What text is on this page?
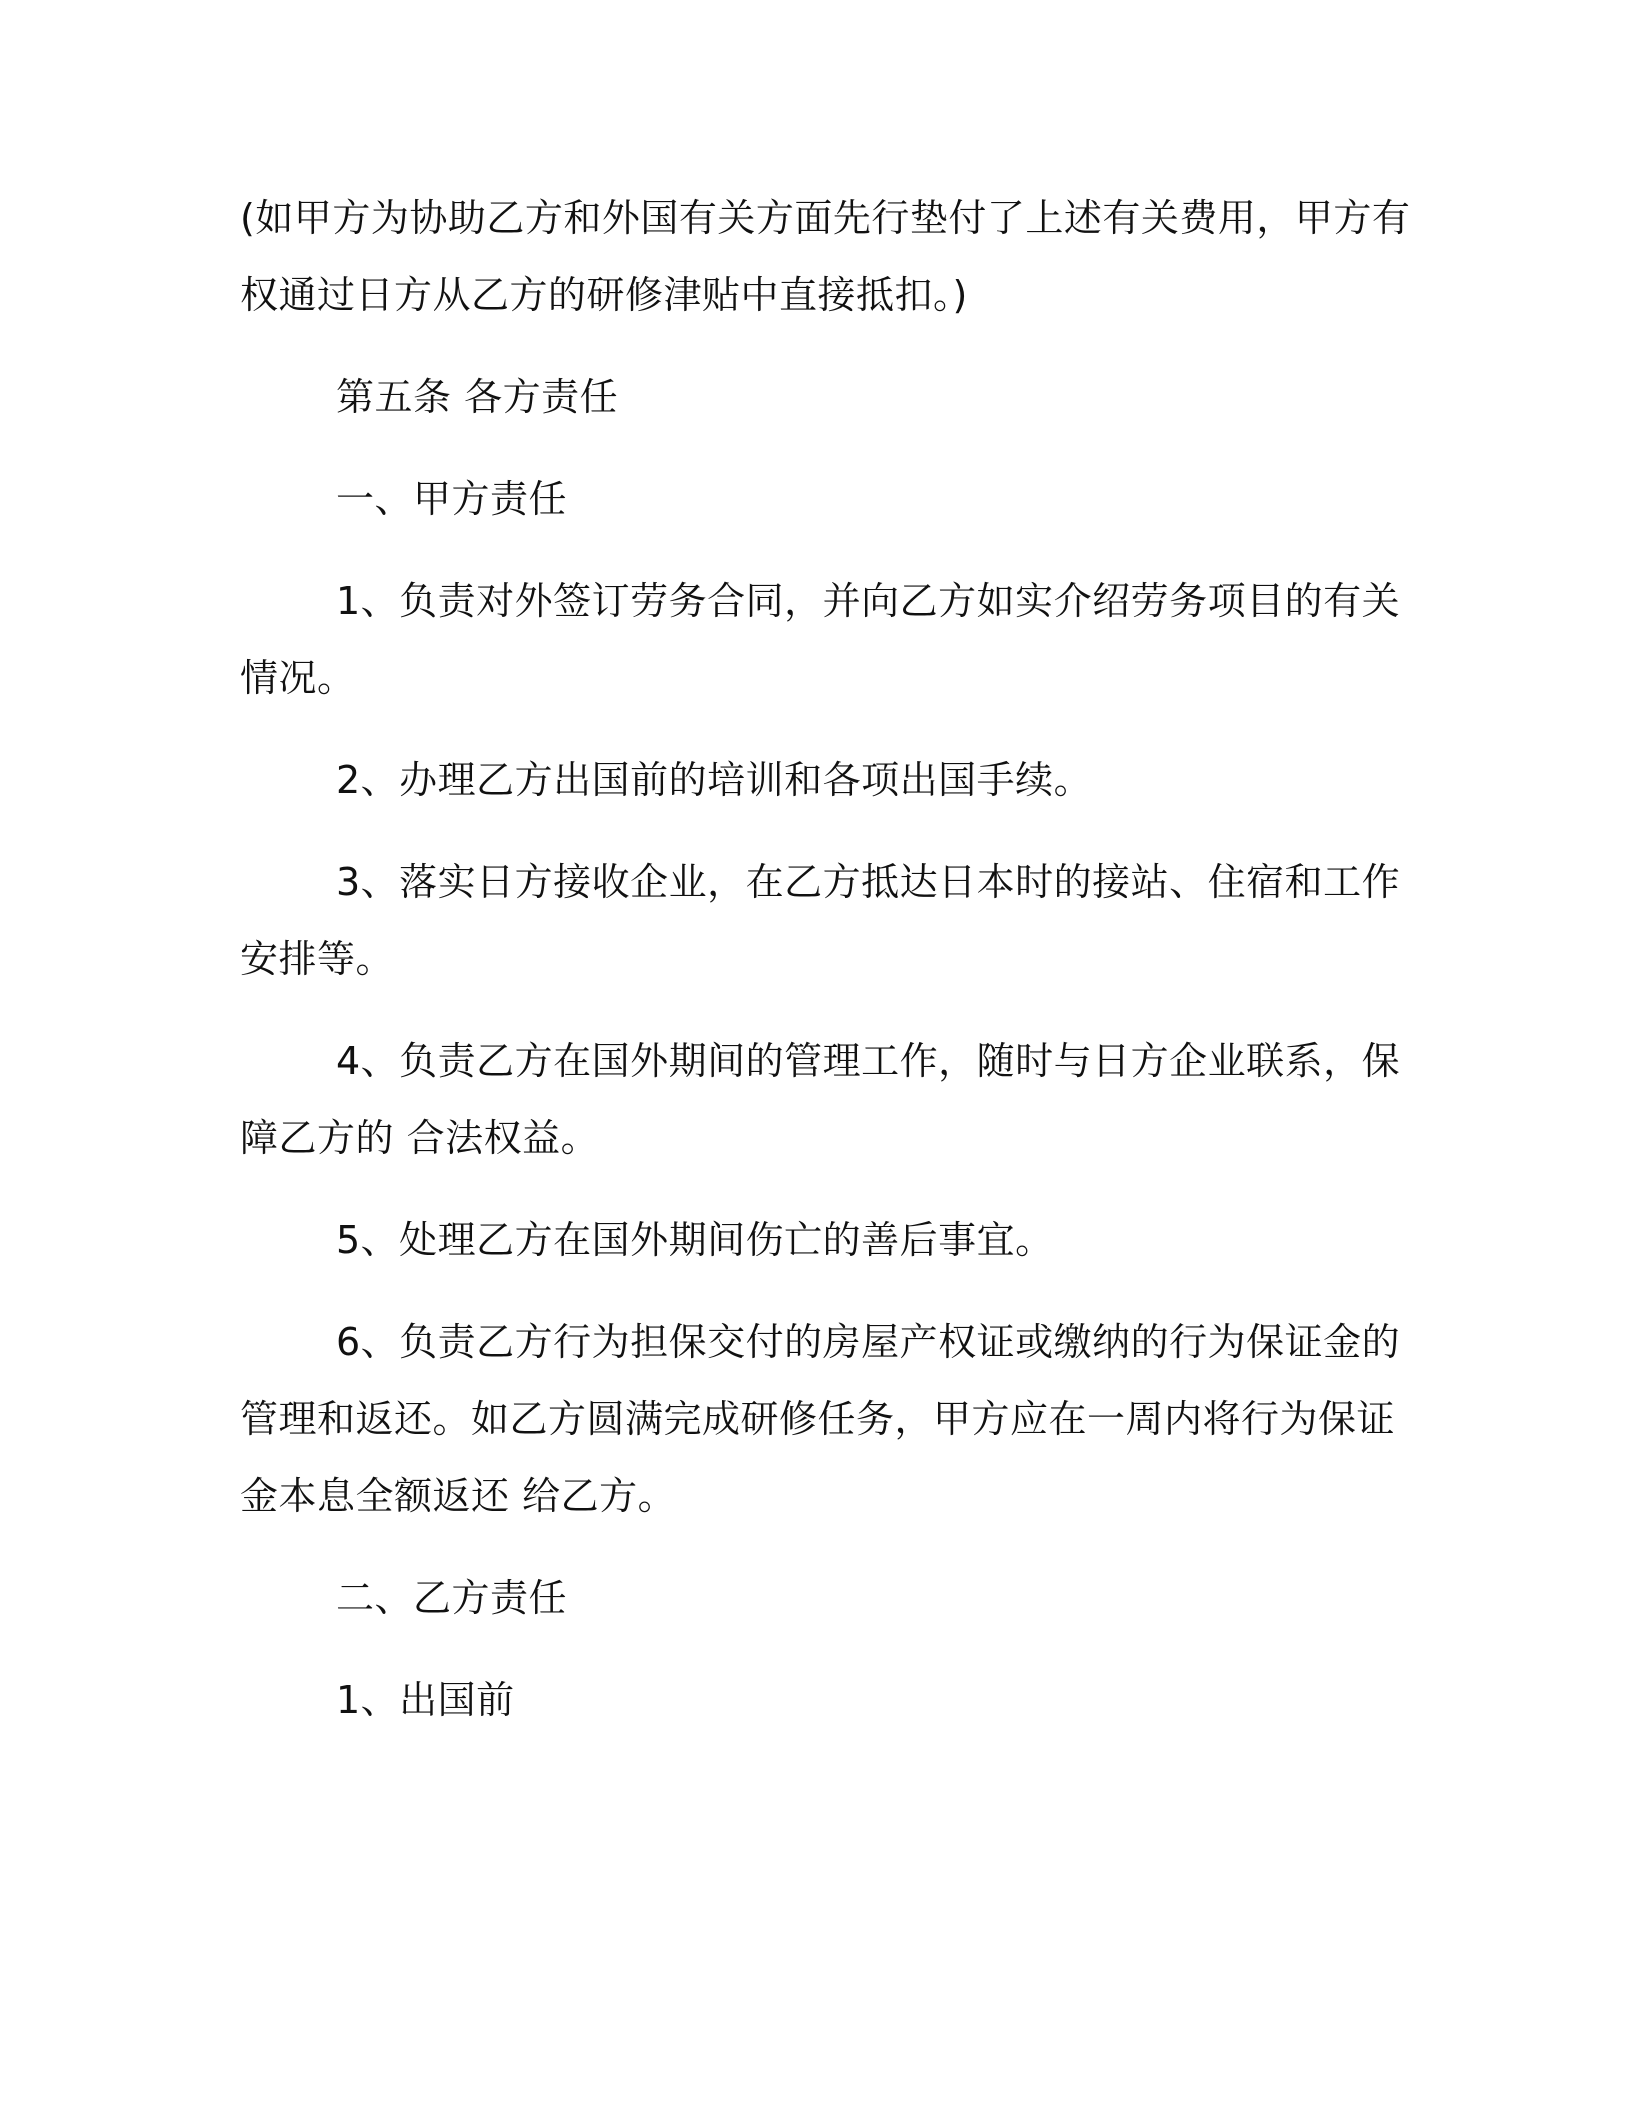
(如甲方为协助乙方和外国有关方面先行垫付了上述有关费用，甲方有
权通过日方从乙方的研修津贴中直接抵扣。)
第五条 各方责任
一、甲方责任
1、负责对外签订劳务合同，并向乙方如实介绍劳务项目的有关
情况。
2、办理乙方出国前的培训和各项出国手续。
3、落实日方接收企业，在乙方抵达日本时的接站、住宿和工作
安排等。
4、负责乙方在国外期间的管理工作，随时与日方企业联系，保
障乙方的 合法权益。
5、处理乙方在国外期间伤亡的善后事宜。
6、负责乙方行为担保交付的房屋产权证或缴纳的行为保证金的
管理和返还。如乙方圆满完成研修任务，甲方应在一周内将行为保证
金本息全额返还 给乙方。
二、乙方责任
1、出国前
